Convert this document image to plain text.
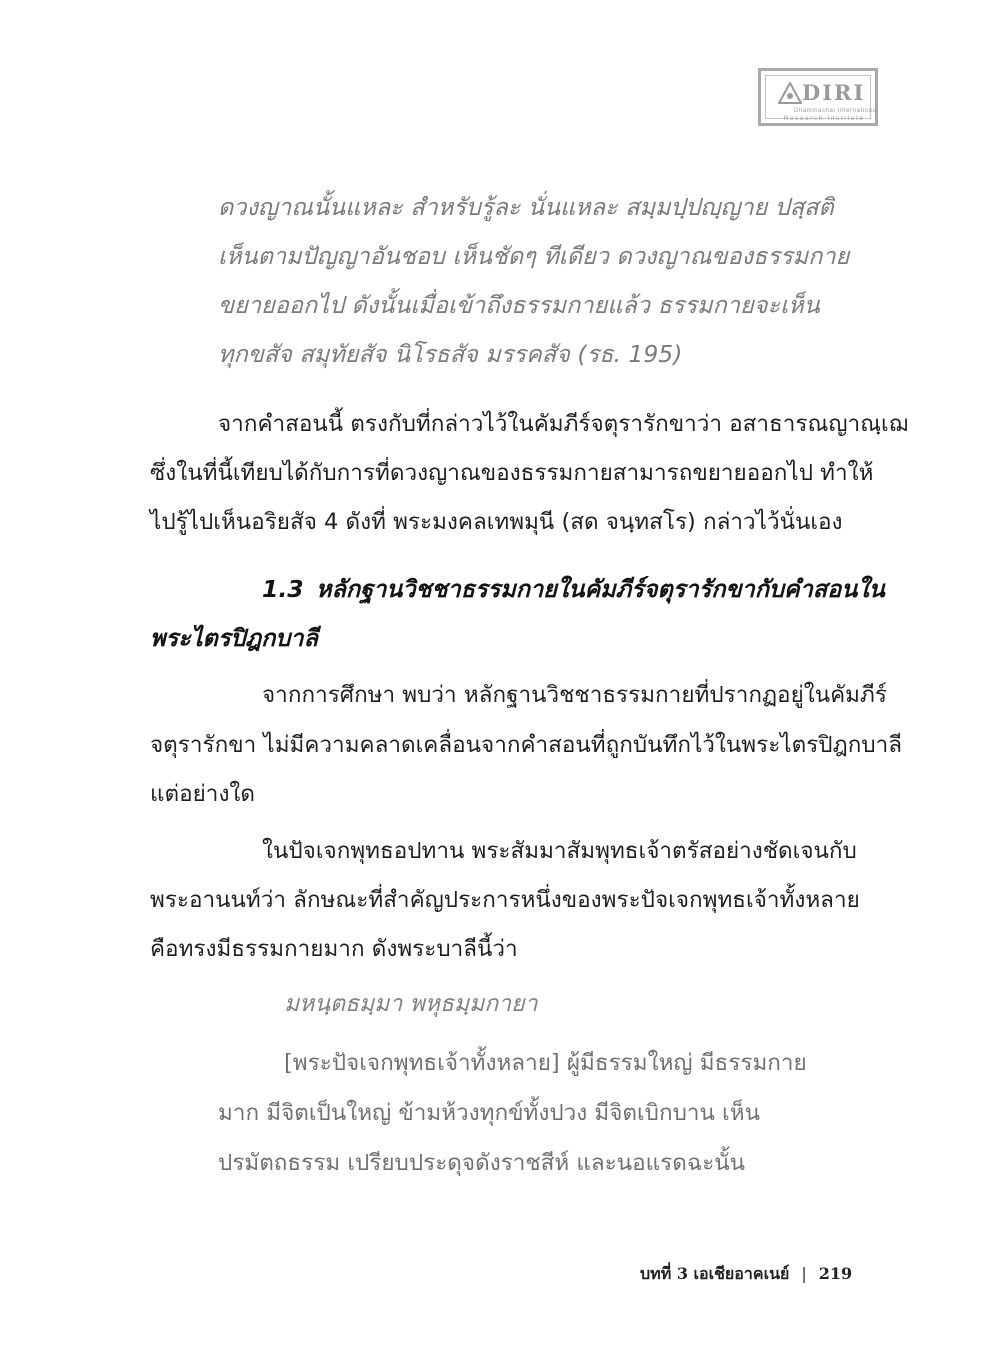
DIRI
Dhammachai International
Research Institute
ดวงญาณนั้นแหละ สำหรับรู้ละ นั่นแหละ สมฺมปฺปญฺญาย ปสฺสติ
เห็นตามปัญญาอันชอบ เห็นชัดๆ ทีเดียว ดวงญาณของธรรมกาย
ขยายออกไป ดังนั้นเมื่อเข้าถึงธรรมกายแล้ว ธรรมกายจะเห็น
ทุกขสัจ สมุทัยสัจ นิโรธสัจ มรรคสัจ (รธ. 195)
จากคำสอนนี้ ตรงกับที่กล่าวไว้ในคัมภีร์จตุรารักขาว่า อสาธารณญาณฺเฌ
ซึ่งในที่นี้เทียบได้กับการที่ดวงญาณของธรรมกายสามารถขยายออกไป ทำให้
ไปรู้ไปเห็นอริยสัจ 4 ดังที่ พระมงคลเทพมุนี (สด จนฺทสโร) กล่าวไว้นั่นเอง
1.3 หลักฐานวิชชาธรรมกายในคัมภีร์จตุรารักขากับคำสอนใน
พระไตรปิฎกบาลี
จากการศึกษา พบว่า หลักฐานวิชชาธรรมกายที่ปรากฏอยู่ในคัมภีร์
จตุรารักขา ไม่มีความคลาดเคลื่อนจากคำสอนที่ถูกบันทึกไว้ในพระไตรปิฎกบาลี
แต่อย่างใด
ในปัจเจกพุทธอปทาน พระสัมมาสัมพุทธเจ้าตรัสอย่างชัดเจนกับ
พระอานนท์ว่า ลักษณะที่สำคัญประการหนึ่งของพระปัจเจกพุทธเจ้าทั้งหลาย
คือทรงมีธรรมกายมาก ดังพระบาลีนี้ว่า
มหนฺตธมฺมา พหุธมฺมกายา
[พระปัจเจกพุทธเจ้าทั้งหลาย] ผู้มีธรรมใหญ่ มีธรรมกาย
มาก มีจิตเป็นใหญ่ ข้ามห้วงทุกข์ทั้งปวง มีจิตเบิกบาน เห็น
ปรมัตถธรรม เปรียบประดุจดังราชสีห์ และนอแรดฉะนั้น
บทที่ 3 เอเชียอาคเนย์ | 219
